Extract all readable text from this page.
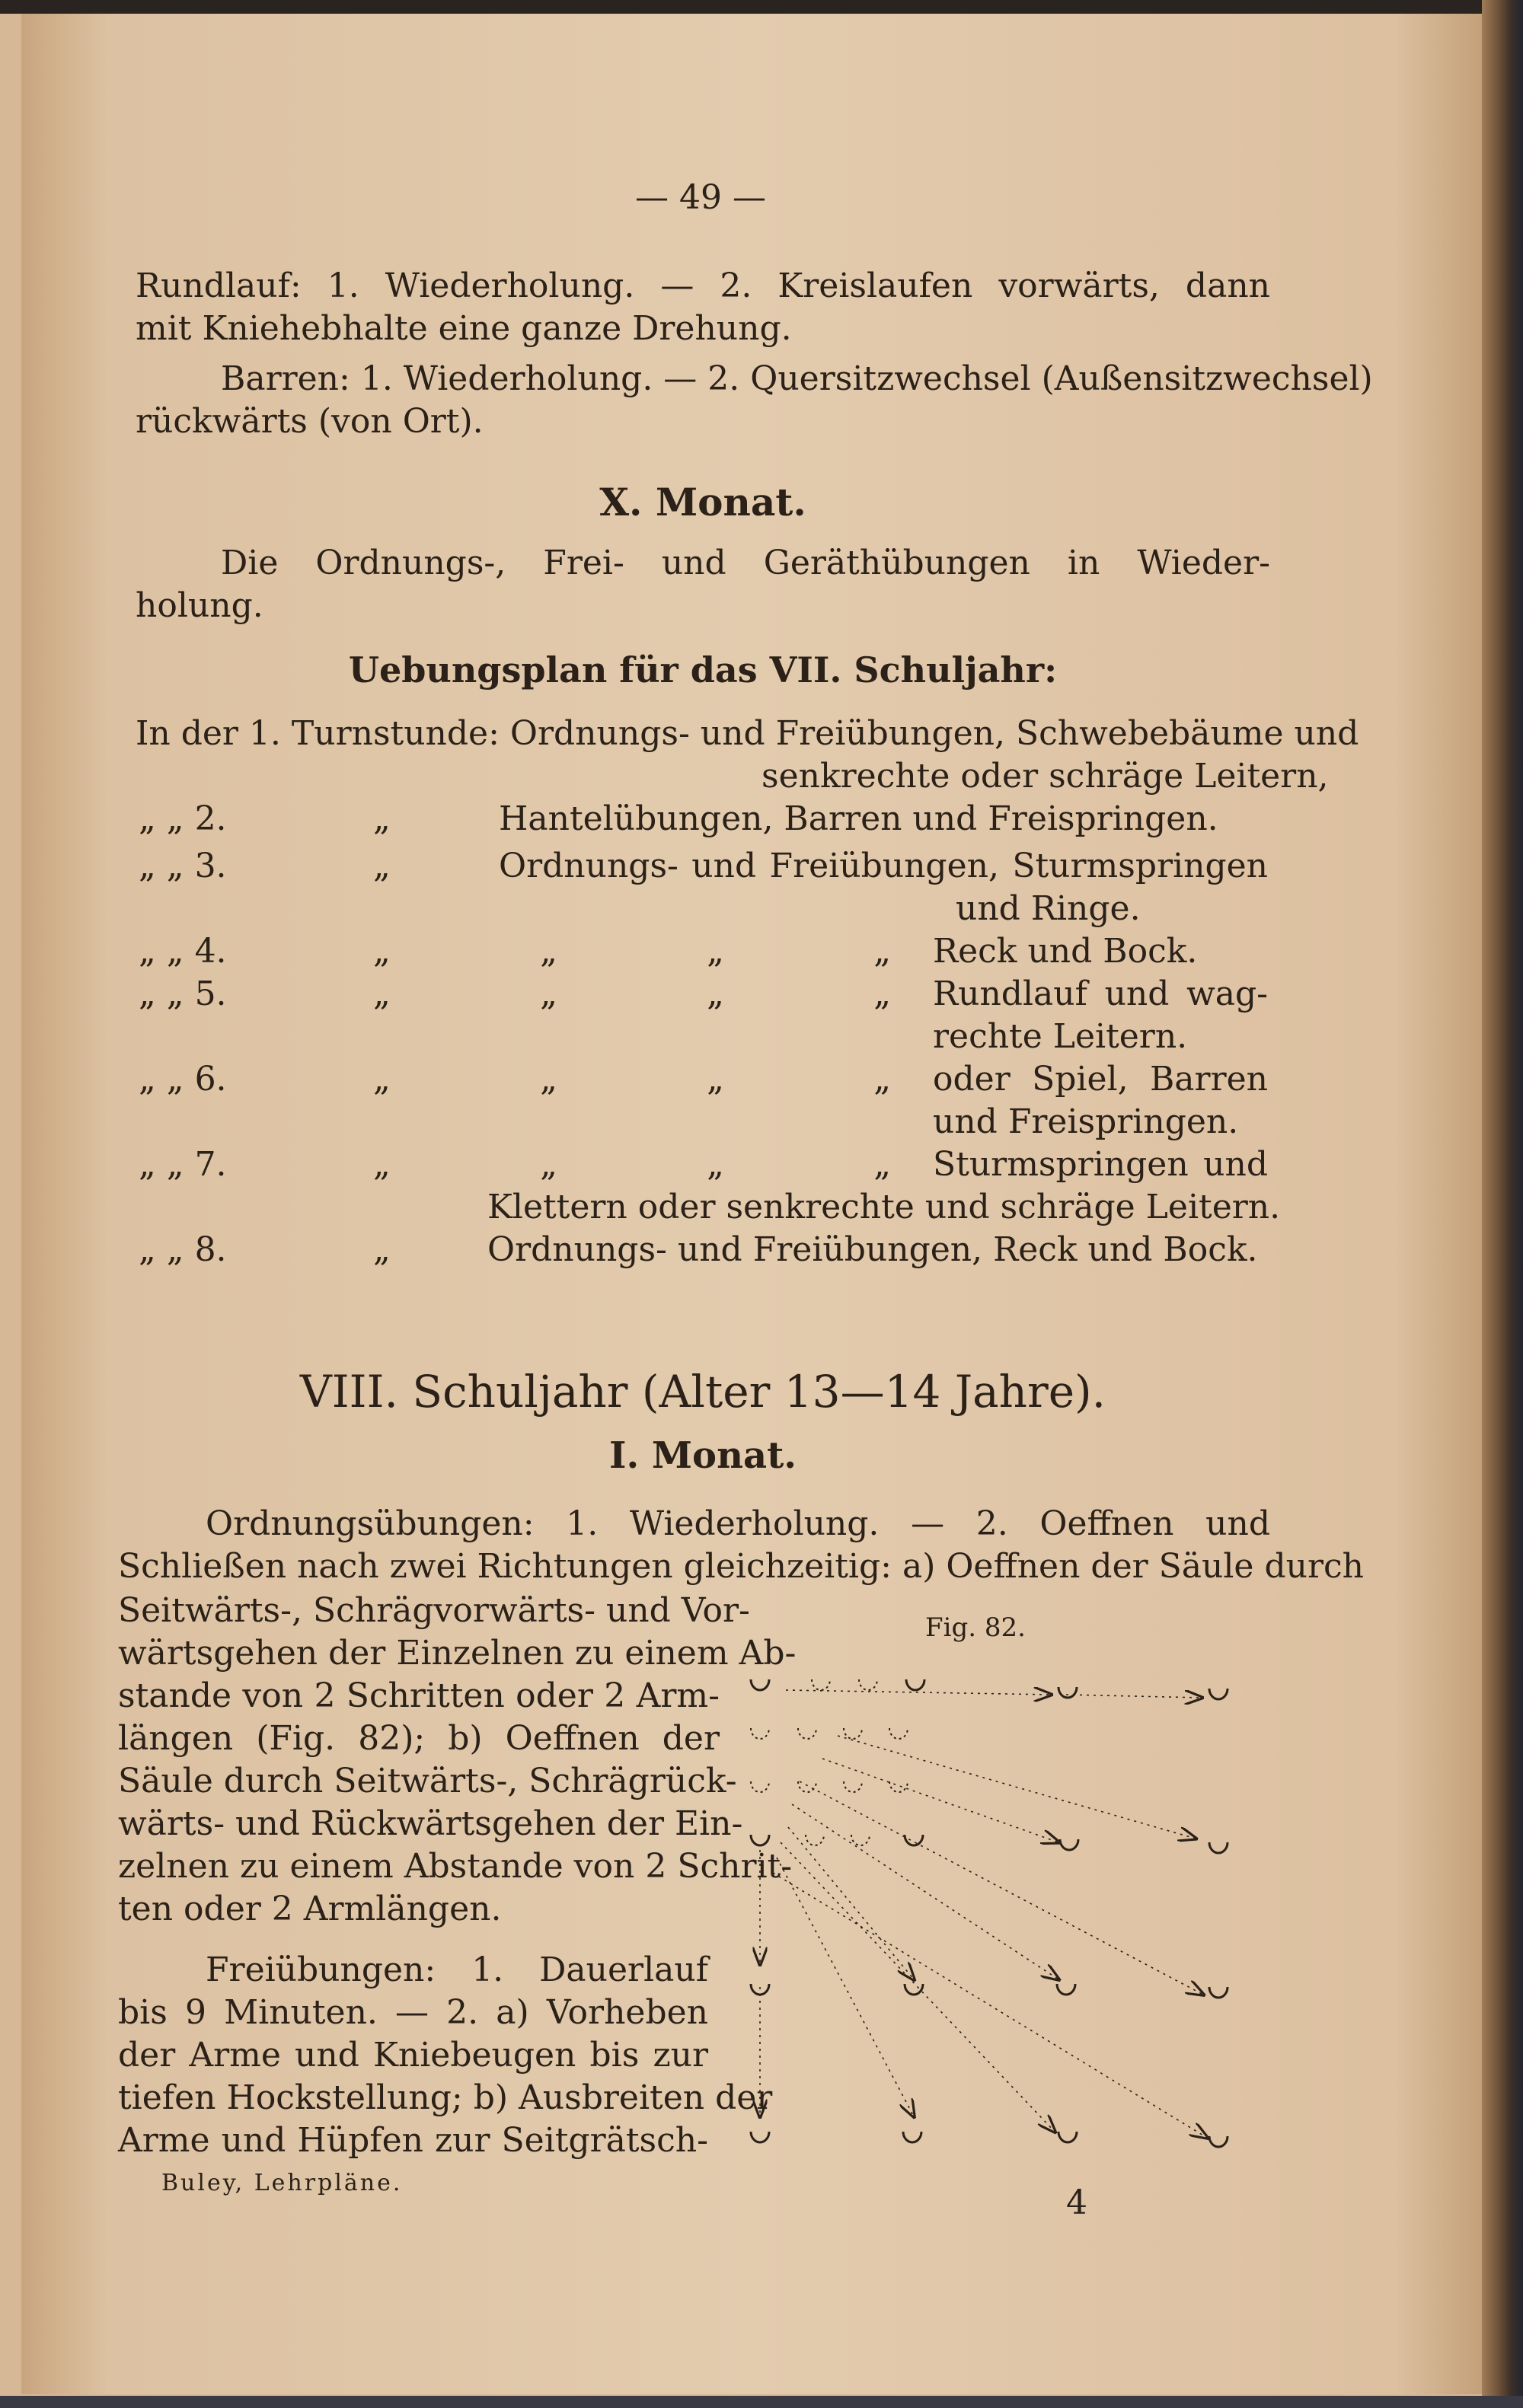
— 49 —
Rundlauf: 1. Wiederholung. — 2. Kreislaufen vorwärts, dann
mit Kniehebhalte eine ganze Drehung.
Barren: 1. Wiederholung. — 2. Quersitzwechsel (Außensitzwechsel)
rückwärts (von Ort).
X. Monat.
Die Ordnungs-, Frei- und Geräthübungen in Wieder-
holung.
Uebungsplan für das VII. Schuljahr:
In der 1. Turnstunde: Ordnungs- und Freiübungen, Schwebebäume und
senkrechte oder schräge Leitern,
„ „ 2.	„	Hantelübungen, Barren und Freispringen.
„ „ 3.	„	Ordnungs- und Freiübungen, Sturmspringen
und Ringe.
„ „ 4.	„ „ „ „ Reck und Bock.
„ „ 5.	„ „ „ „ Rundlauf und wag-
rechte Leitern.
„ „ 6.	„ „ „ „ oder Spiel, Barren
und Freispringen.
„ „ 7.	„ „ „ „ Sturmspringen und
Klettern oder senkrechte und schräge Leitern.
„ „ 8.	„	Ordnungs- und Freiübungen, Reck und Bock.
VIII. Schuljahr (Alter 13—14 Jahre).
I. Monat.
Ordnungsübungen: 1. Wiederholung. — 2. Oeffnen und
Schließen nach zwei Richtungen gleichzeitig: a) Oeffnen der Säule durch
Seitwärts-, Schrägvorwärts- und Vor-
wärtsgehen der Einzelnen zu einem Ab-
stande von 2 Schritten oder 2 Arm-
längen (Fig. 82); b) Oeffnen der
Säule durch Seitwärts-, Schrägrück-
wärts- und Rückwärtsgehen der Ein-
zelnen zu einem Abstande von 2 Schrit-
ten oder 2 Armlängen.
Freiübungen: 1. Dauerlauf
bis 9 Minuten. — 2. a) Vorheben
der Arme und Kniebeugen bis zur
tiefen Hockstellung; b) Ausbreiten der
Arme und Hüpfen zur Seitgrätsch-
Fig. 82.
Buley, Lehrpläne.
4
